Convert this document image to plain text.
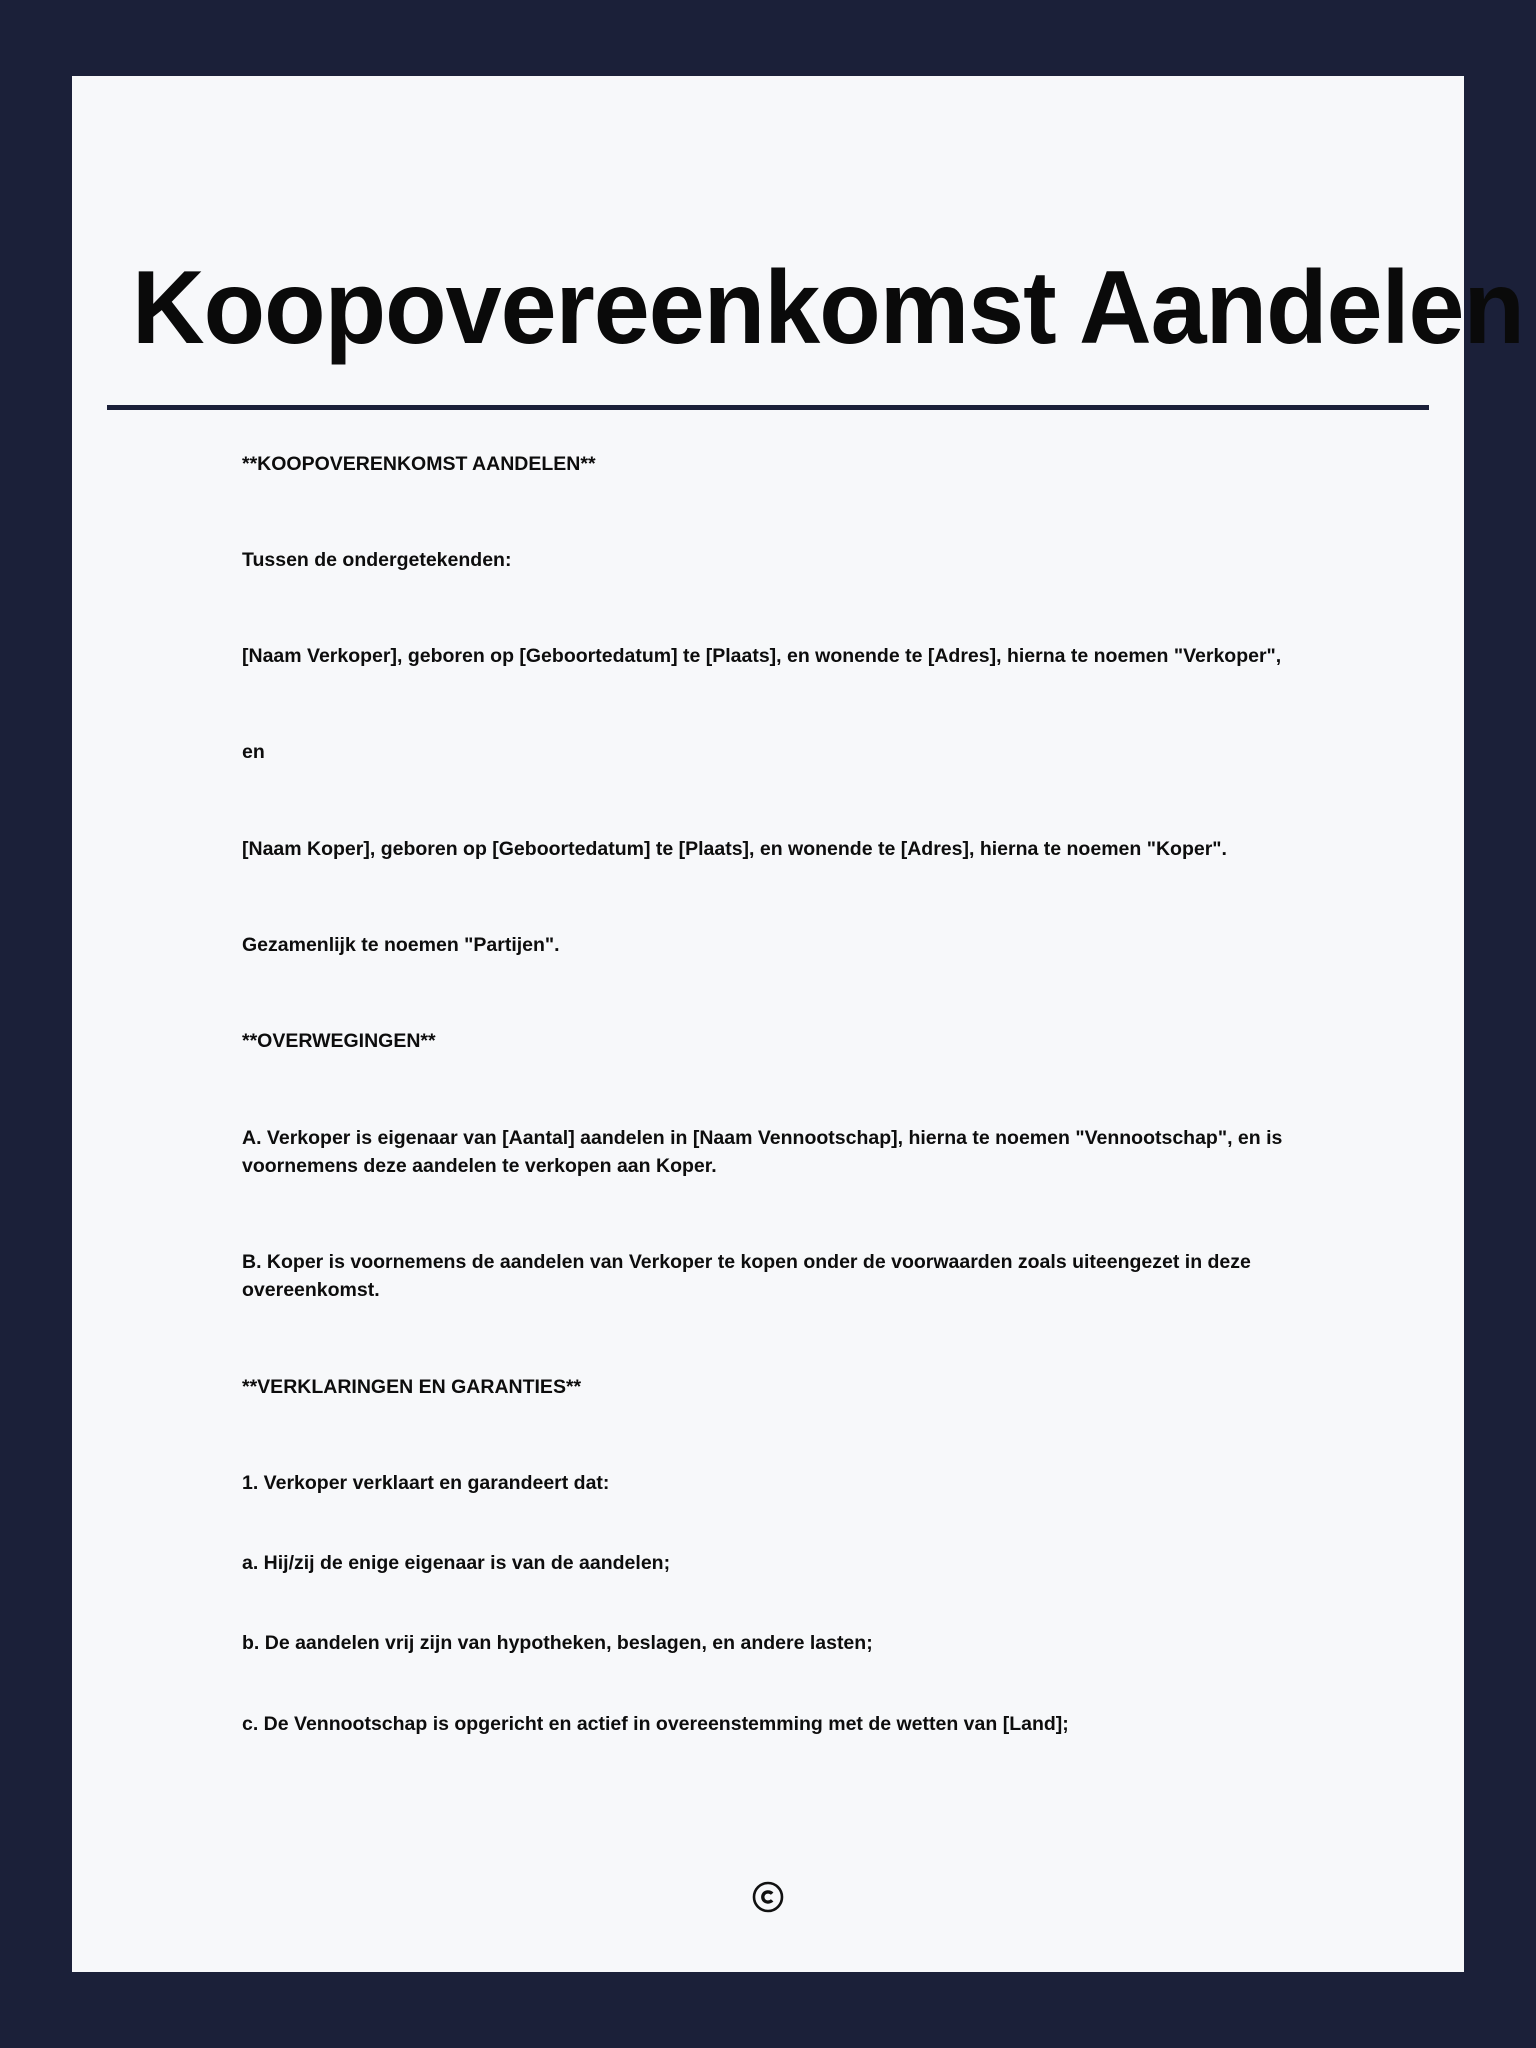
Koopovereenkomst Aandelen

**KOOPOVERENKOMST AANDELEN**

Tussen de ondergetekenden:

[Naam Verkoper], geboren op [Geboortedatum] te [Plaats], en wonende te [Adres], hierna te noemen "Verkoper",

en

[Naam Koper], geboren op [Geboortedatum] te [Plaats], en wonende te [Adres], hierna te noemen "Koper".

Gezamenlijk te noemen "Partijen".

**OVERWEGINGEN**

A. Verkoper is eigenaar van [Aantal] aandelen in [Naam Vennootschap], hierna te noemen "Vennootschap", en is voornemens deze aandelen te verkopen aan Koper.

B. Koper is voornemens de aandelen van Verkoper te kopen onder de voorwaarden zoals uiteengezet in deze overeenkomst.

**VERKLARINGEN EN GARANTIES**

1. Verkoper verklaart en garandeert dat:

a. Hij/zij de enige eigenaar is van de aandelen;

b. De aandelen vrij zijn van hypotheken, beslagen, en andere lasten;

c. De Vennootschap is opgericht en actief in overeenstemming met de wetten van [Land];
